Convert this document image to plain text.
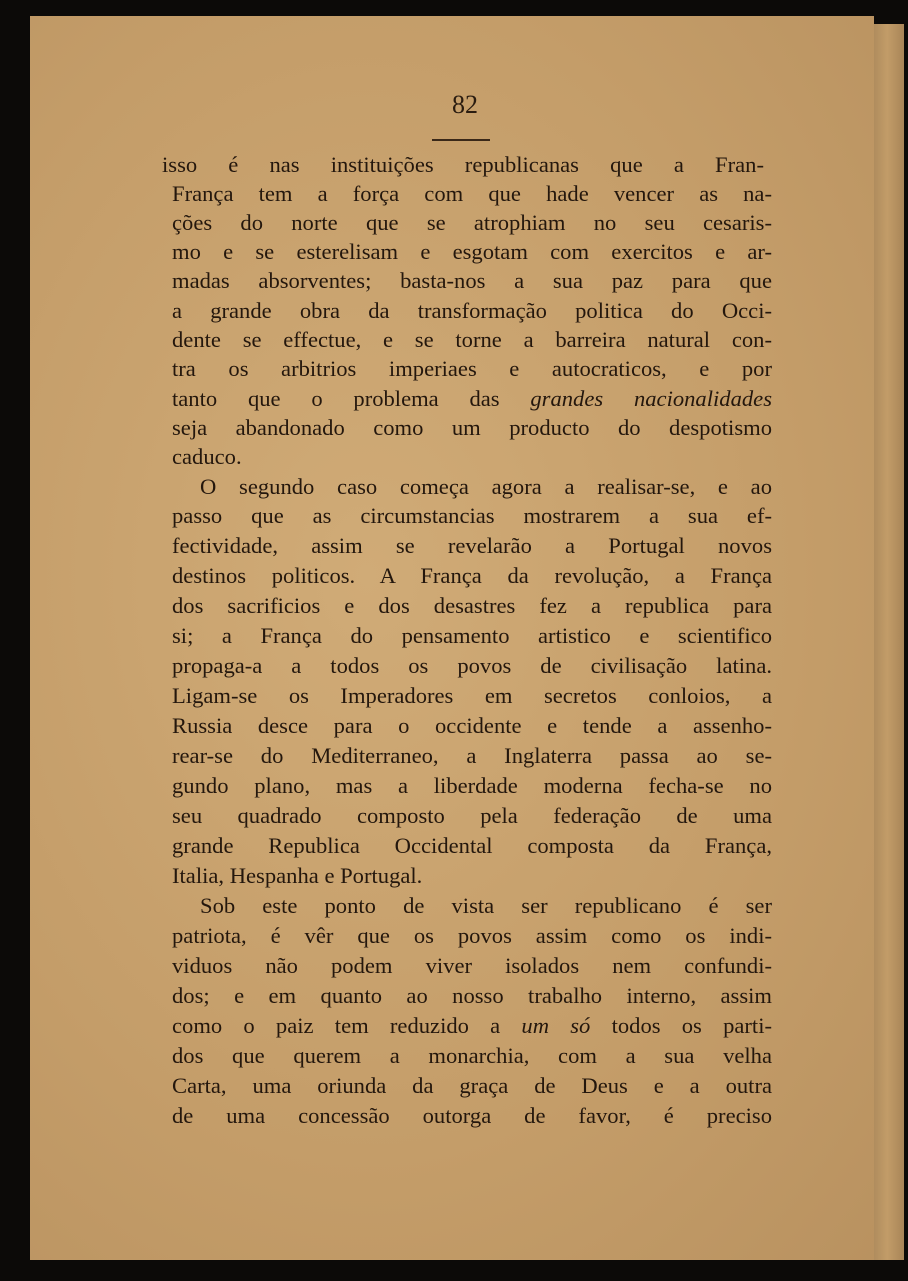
82
isso é nas instituições republicanas que a Fran-
França tem a força com que hade vencer as na-
ções do norte que se atrophiam no seu cesaris-
mo e se esterelisam e esgotam com exercitos e ar-
madas absorventes; basta-nos a sua paz para que
a grande obra da transformação politica do Occi-
dente se effectue, e se torne a barreira natural con-
tra os arbitrios imperiaes e autocraticos, e por
tanto que o problema das grandes nacionalidades
seja abandonado como um producto do despotismo
caduco.
O segundo caso começa agora a realisar-se, e ao
passo que as circumstancias mostrarem a sua ef-
fectividade, assim se revelarão a Portugal novos
destinos politicos. A França da revolução, a França
dos sacrificios e dos desastres fez a republica para
si; a França do pensamento artistico e scientifico
propaga-a a todos os povos de civilisação latina.
Ligam-se os Imperadores em secretos conloios, a
Russia desce para o occidente e tende a assenho-
rear-se do Mediterraneo, a Inglaterra passa ao se-
gundo plano, mas a liberdade moderna fecha-se no
seu quadrado composto pela federação de uma
grande Republica Occidental composta da França,
Italia, Hespanha e Portugal.
Sob este ponto de vista ser republicano é ser
patriota, é vêr que os povos assim como os indi-
viduos não podem viver isolados nem confundi-
dos; e em quanto ao nosso trabalho interno, assim
como o paiz tem reduzido a um só todos os parti-
dos que querem a monarchia, com a sua velha
Carta, uma oriunda da graça de Deus e a outra
de uma concessão outorga de favor, é preciso
